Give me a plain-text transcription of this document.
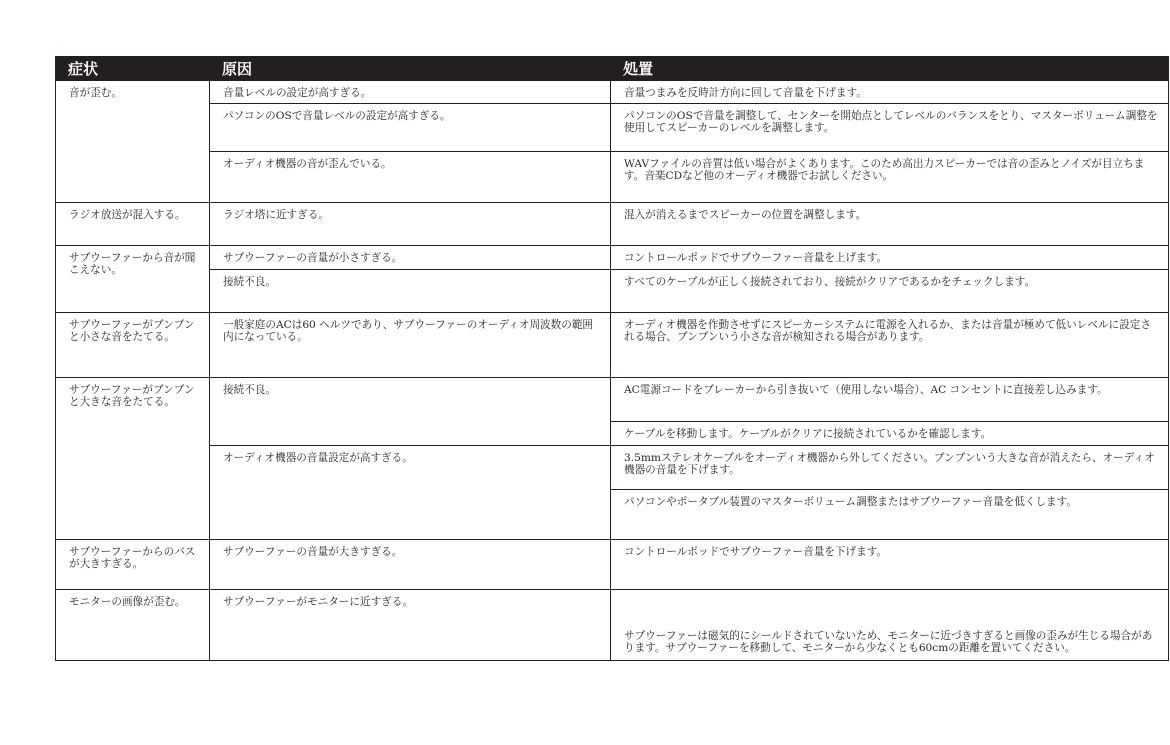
症状	原因	処置
音が歪む。	音量レベルの設定が高すぎる。	音量つまみを反時計方向に回して音量を下げます。
	パソコンのOSで音量レベルの設定が高すぎる。	パソコンのOSで音量を調整して、センターを開始点としてレベルのバランスをとり、マスターボリューム調整を使用してスピーカーのレベルを調整します。
	オーディオ機器の音が歪んでいる。	WAVファイルの音質は低い場合がよくあります。このため高出力スピーカーでは音の歪みとノイズが目立ちます。音楽CDなど他のオーディオ機器でお試しください。
ラジオ放送が混入する。	ラジオ塔に近すぎる。	混入が消えるまでスピーカーの位置を調整します。
サブウーファーから音が聞こえない。	サブウーファーの音量が小さすぎる。	コントロールポッドでサブウーファー音量を上げます。
	接続不良。	すべてのケーブルが正しく接続されており、接続がクリアであるかをチェックします。
サブウーファーがブンブンと小さな音をたてる。	一般家庭のACは60 ヘルツであり、サブウーファーのオーディオ周波数の範囲内になっている。	オーディオ機器を作動させずにスピーカーシステムに電源を入れるか、または音量が極めて低いレベルに設定される場合、ブンブンいう小さな音が検知される場合があります。
サブウーファーがブンブンと大きな音をたてる。	接続不良。	AC電源コードをブレーカーから引き抜いて（使用しない場合）、AC コンセントに直接差し込みます。
		ケーブルを移動します。ケーブルがクリアに接続されているかを確認します。
	オーディオ機器の音量設定が高すぎる。	3.5mmステレオケーブルをオーディオ機器から外してください。ブンブンいう大きな音が消えたら、オーディオ機器の音量を下げます。
		パソコンやポータブル装置のマスターボリューム調整またはサブウーファー音量を低くします。
サブウーファーからのバスが大きすぎる。	サブウーファーの音量が大きすぎる。	コントロールポッドでサブウーファー音量を下げます。
モニターの画像が歪む。	サブウーファーがモニターに近すぎる。	サブウーファーは磁気的にシールドされていないため、モニターに近づきすぎると画像の歪みが生じる場合があります。サブウーファーを移動して、モニターから少なくとも60cmの距離を置いてください。
